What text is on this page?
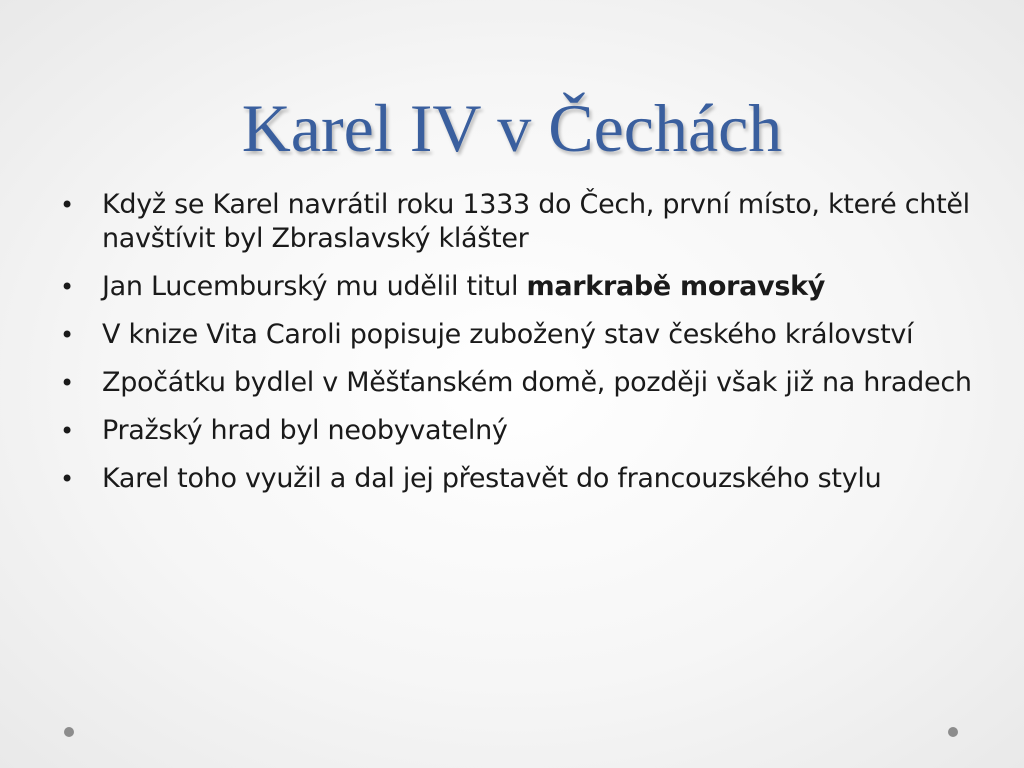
Karel IV v Čechách
• Když se Karel navrátil roku 1333 do Čech, první místo, které chtěl navštívit byl Zbraslavský klášter
• Jan Lucemburský mu udělil titul markrabě moravský
• V knize Vita Caroli popisuje zubožený stav českého království
• Zpočátku bydlel v Měšťanském domě, později však již na hradech
• Pražský hrad byl neobyvatelný
• Karel toho využil a dal jej přestavět do francouzského stylu
